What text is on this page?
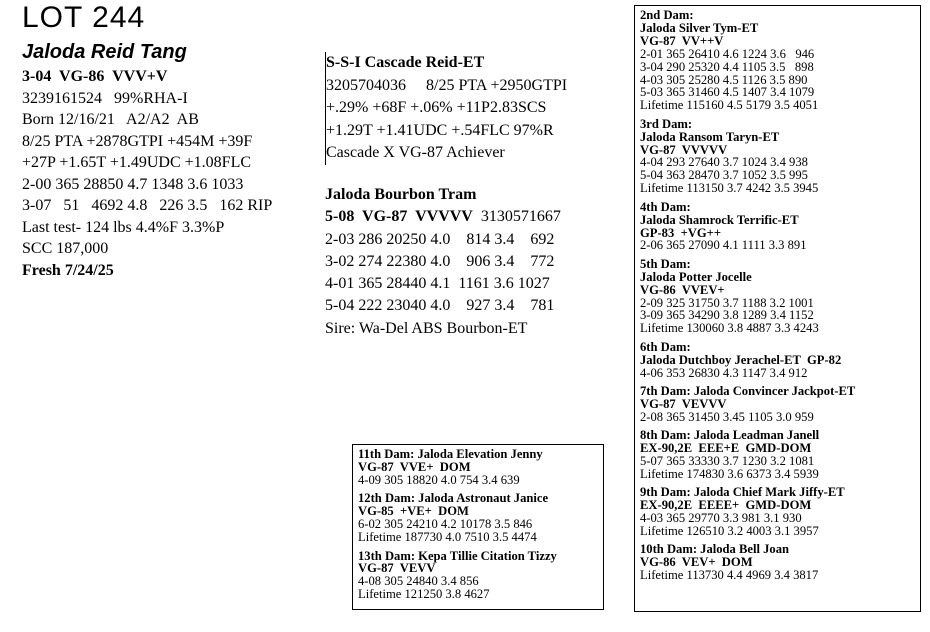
LOT 244
Jaloda Reid Tang
3-04  VG-86  VVV+V
3239161524   99%RHA-I
Born 12/16/21   A2/A2  AB
8/25 PTA +2878GTPI +454M +39F
+27P +1.65T +1.49UDC +1.08FLC
2-00 365 28850 4.7 1348 3.6 1033
3-07   51   4692 4.8   226 3.5   162 RIP
Last test- 124 lbs 4.4%F 3.3%P
SCC 187,000
Fresh 7/24/25
S-S-I Cascade Reid-ET
3205704036     8/25 PTA +2950GTPI
+.29% +68F +.06% +11P2.83SCS
+1.29T +1.41UDC +.54FLC 97%R
Cascade X VG-87 Achiever
Jaloda Bourbon Tram
5-08  VG-87  VVVVV 3130571667
2-03 286 20250 4.0    814 3.4    692
3-02 274 22380 4.0    906 3.4    772
4-01 365 28440 4.1  1161 3.6 1027
5-04 222 23040 4.0    927 3.4    781
Sire: Wa-Del ABS Bourbon-ET
2nd Dam:
Jaloda Silver Tym-ET
VG-87  VV++V
2-01 365 26410 4.6 1224 3.6   946
3-04 290 25320 4.4 1105 3.5   898
4-03 305 25280 4.5 1126 3.5 890
5-03 365 31460 4.5 1407 3.4 1079
Lifetime 115160 4.5 5179 3.5 4051
3rd Dam:
Jaloda Ransom Taryn-ET
VG-87  VVVVV
4-04 293 27640 3.7 1024 3.4 938
5-04 363 28470 3.7 1052 3.5 995
Lifetime 113150 3.7 4242 3.5 3945
4th Dam:
Jaloda Shamrock Terrific-ET
GP-83  +VG++
2-06 365 27090 4.1 1111 3.3 891
5th Dam:
Jaloda Potter Jocelle
VG-86  VVEV+
2-09 325 31750 3.7 1188 3.2 1001
3-09 365 34290 3.8 1289 3.4 1152
Lifetime 130060 3.8 4887 3.3 4243
6th Dam:
Jaloda Dutchboy Jerachel-ET  GP-82
4-06 353 26830 4.3 1147 3.4 912
7th Dam: Jaloda Convincer Jackpot-ET
VG-87  VEVVV
2-08 365 31450 3.45 1105 3.0 959
8th Dam: Jaloda Leadman Janell
EX-90,2E  EEE+E  GMD-DOM
5-07 365 33330 3.7 1230 3.2 1081
Lifetime 174830 3.6 6373 3.4 5939
9th Dam: Jaloda Chief Mark Jiffy-ET
EX-90,2E  EEEE+  GMD-DOM
4-03 365 29770 3.3 981 3.1 930
Lifetime 126510 3.2 4003 3.1 3957
10th Dam: Jaloda Bell Joan
VG-86  VEV+  DOM
Lifetime 113730 4.4 4969 3.4 3817
11th Dam: Jaloda Elevation Jenny
VG-87  VVE+  DOM
4-09 305 18820 4.0 754 3.4 639
12th Dam: Jaloda Astronaut Janice
VG-85  +VE+  DOM
6-02 305 24210 4.2 10178 3.5 846
Lifetime 187730 4.0 7510 3.5 4474
13th Dam: Kepa Tillie Citation Tizzy
VG-87  VEVV
4-08 305 24840 3.4 856
Lifetime 121250 3.8 4627
